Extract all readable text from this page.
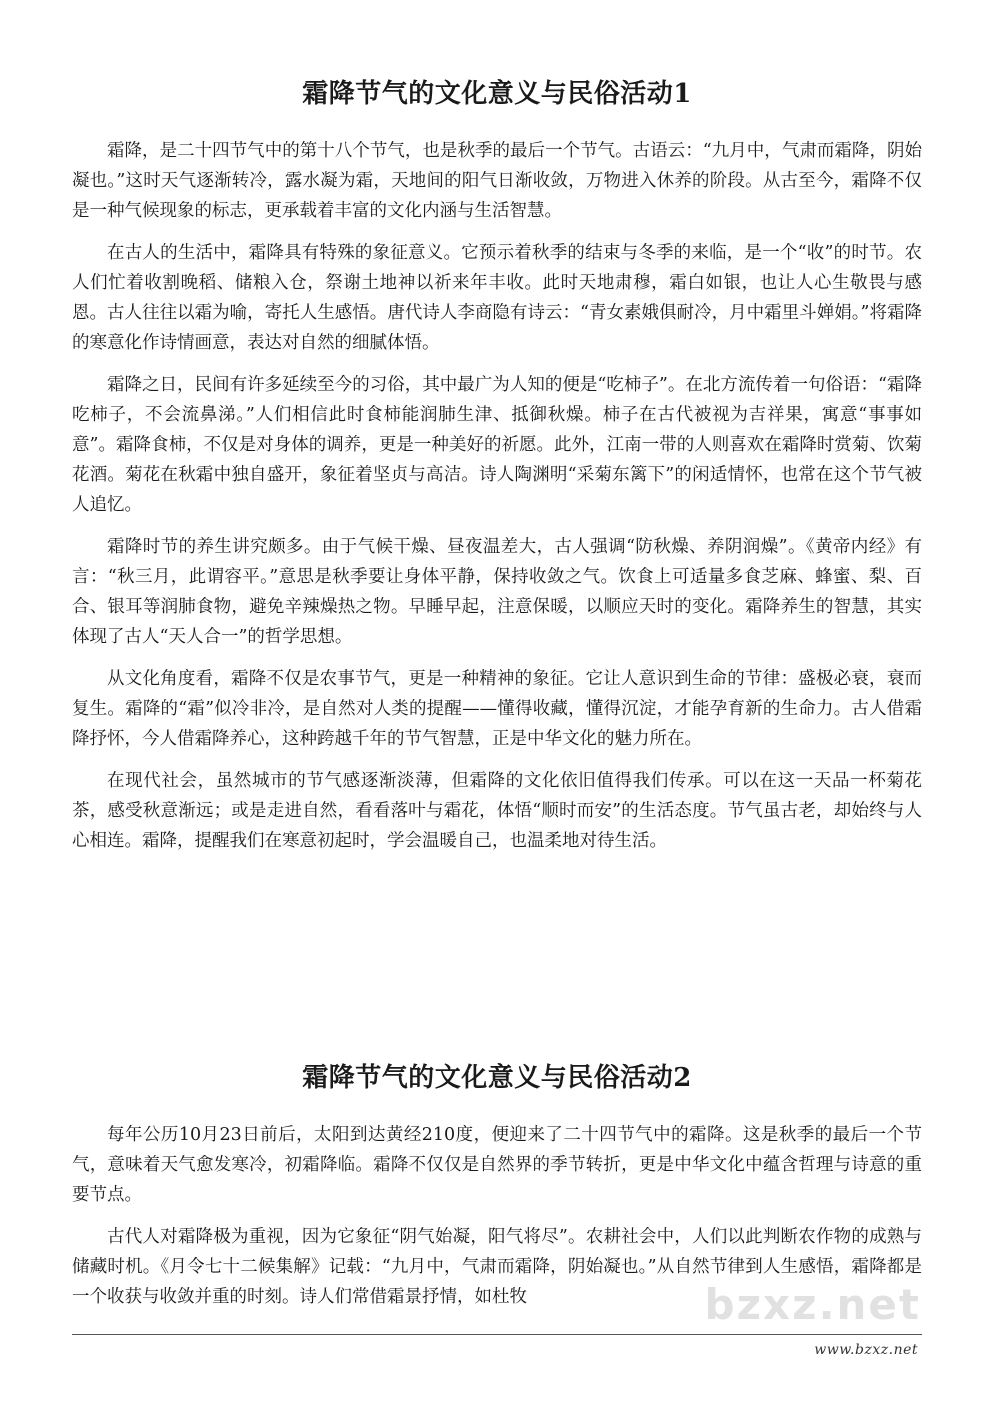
霜降节气的文化意义与民俗活动1

霜降，是二十四节气中的第十八个节气，也是秋季的最后一个节气。古语云：“九月中，气肃而霜降，阴始凝也。”这时天气逐渐转冷，露水凝为霜，天地间的阳气日渐收敛，万物进入休养的阶段。从古至今，霜降不仅是一种气候现象的标志，更承载着丰富的文化内涵与生活智慧。

在古人的生活中，霜降具有特殊的象征意义。它预示着秋季的结束与冬季的来临，是一个“收”的时节。农人们忙着收割晚稻、储粮入仓，祭谢土地神以祈来年丰收。此时天地肃穆，霜白如银，也让人心生敬畏与感恩。古人往往以霜为喻，寄托人生感悟。唐代诗人李商隐有诗云：“青女素娥俱耐冷，月中霜里斗婵娟。”将霜降的寒意化作诗情画意，表达对自然的细腻体悟。

霜降之日，民间有许多延续至今的习俗，其中最广为人知的便是“吃柿子”。在北方流传着一句俗语：“霜降吃柿子，不会流鼻涕。”人们相信此时食柿能润肺生津、抵御秋燥。柿子在古代被视为吉祥果，寓意“事事如意”。霜降食柿，不仅是对身体的调养，更是一种美好的祈愿。此外，江南一带的人则喜欢在霜降时赏菊、饮菊花酒。菊花在秋霜中独自盛开，象征着坚贞与高洁。诗人陶渊明“采菊东篱下”的闲适情怀，也常在这个节气被人追忆。

霜降时节的养生讲究颇多。由于气候干燥、昼夜温差大，古人强调“防秋燥、养阴润燥”。《黄帝内经》有言：“秋三月，此谓容平。”意思是秋季要让身体平静，保持收敛之气。饮食上可适量多食芝麻、蜂蜜、梨、百合、银耳等润肺食物，避免辛辣燥热之物。早睡早起，注意保暖，以顺应天时的变化。霜降养生的智慧，其实体现了古人“天人合一”的哲学思想。

从文化角度看，霜降不仅是农事节气，更是一种精神的象征。它让人意识到生命的节律：盛极必衰，衰而复生。霜降的“霜”似冷非冷，是自然对人类的提醒——懂得收藏，懂得沉淀，才能孕育新的生命力。古人借霜降抒怀，今人借霜降养心，这种跨越千年的节气智慧，正是中华文化的魅力所在。

在现代社会，虽然城市的节气感逐渐淡薄，但霜降的文化依旧值得我们传承。可以在这一天品一杯菊花茶，感受秋意渐远；或是走进自然，看看落叶与霜花，体悟“顺时而安”的生活态度。节气虽古老，却始终与人心相连。霜降，提醒我们在寒意初起时，学会温暖自己，也温柔地对待生活。

霜降节气的文化意义与民俗活动2

每年公历10月23日前后，太阳到达黄经210度，便迎来了二十四节气中的霜降。这是秋季的最后一个节气，意味着天气愈发寒冷，初霜降临。霜降不仅仅是自然界的季节转折，更是中华文化中蕴含哲理与诗意的重要节点。

古代人对霜降极为重视，因为它象征“阴气始凝，阳气将尽”。农耕社会中，人们以此判断农作物的成熟与储藏时机。《月令七十二候集解》记载：“九月中，气肃而霜降，阴始凝也。”从自然节律到人生感悟，霜降都是一个收获与收敛并重的时刻。诗人们常借霜景抒情，如杜牧	bzxz.net
www.bzxz.net
